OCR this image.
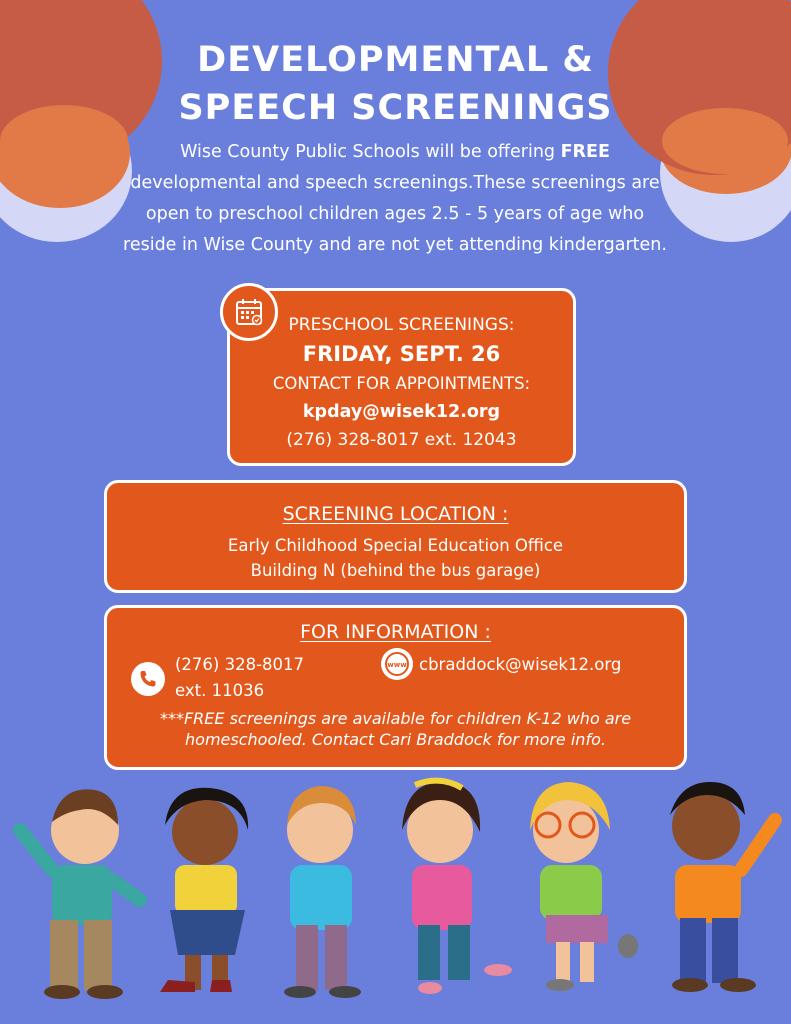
DEVELOPMENTAL &
SPEECH SCREENINGS
Wise County Public Schools will be offering FREE developmental and speech screenings.These screenings are open to preschool children ages 2.5 - 5 years of age who reside in Wise County and are not yet attending kindergarten.
PRESCHOOL SCREENINGS:
FRIDAY, SEPT. 26
CONTACT FOR APPOINTMENTS:
kpday@wisek12.org
(276) 328-8017 ext. 12043
SCREENING LOCATION :
Early Childhood Special Education Office
Building N (behind the bus garage)
FOR INFORMATION :
(276) 328-8017
ext. 11036
www cbraddock@wisek12.org
***FREE screenings are available for children K-12 who are homeschooled. Contact Cari Braddock for more info.
